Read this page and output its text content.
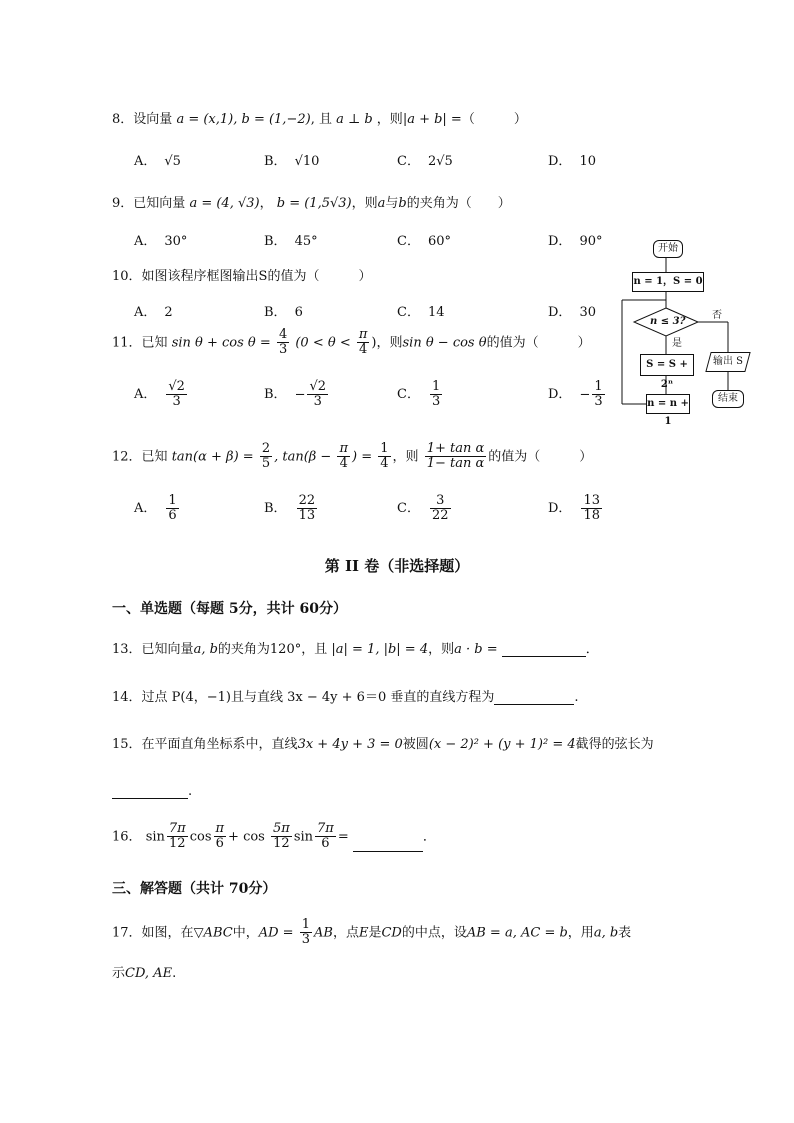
8．设向量 a = (x,1), b = (1,−2), 且 a ⊥ b ，则|a + b| =（　　　）
A． √5	B． √10	C． 2√5	D． 10
9．已知向量 a = (4, √3)， b = (1,5√3)，则a与b的夹角为（　　）
A． 30°	B． 45°	C． 60°	D． 90°
10．如图该程序框图输出S的值为（　　　）
A． 2	B． 6	C． 14	D． 30
11．已知 $\sin \theta + \cos \theta = \frac{4}{3} (0 < \theta < \frac{\pi}{4}$ )，则sin θ − cos θ的值为（　　　）
A． $\frac{√2}{3}$	B． − $\frac{√2}{3}$	C． $\frac{1}{3}$	D． − $\frac{1}{3}$
12．已知 $\tan(\alpha + \beta) = \frac{2}{5}$ , $\tan(\beta - \frac{\pi}{4}$ ) = $\frac{1}{4}$ ，则 $\frac{\text{1+ tan α}}{\text{1− tan α}}$ 的值为（　　　）
A． $\frac{1}{6}$	B． $\frac{22}{13}$	C． $\frac{3}{22}$	D． $\frac{13}{18}$
第 II 卷（非选择题）
一、单选题（每题 5分，共计 60分）
13．已知向量a, b的夹角为120°，且 |a| = 1, |b| = 4，则a · b =	．
14．过点 P(4，−1)且与直线 3x − 4y + 6＝0 垂直的直线方程为	.
15．在平面直角坐标系中，直线3x + 4y + 3 = 0被圆(x − 2)² + (y + 1)² = 4截得的弦长为
.
16． $\sin \frac{7\pi}{12}$ $\cos \frac{\pi}{6} + \cos \frac{5\pi}{12}$ $\sin \frac{7\pi}{6}$ =	．
三、解答题（共计 70分）
17．如图，在▽ABC中，AD = $\frac{1}{3}$ AB，点E是CD的中点，设AB = a, AC = b，用a, b表
示CD, AE.
开始
n = 1，S = 0
n ≤ 3?
是
否
S = S + 2ⁿ
n = n + 1
输出 S
结束
